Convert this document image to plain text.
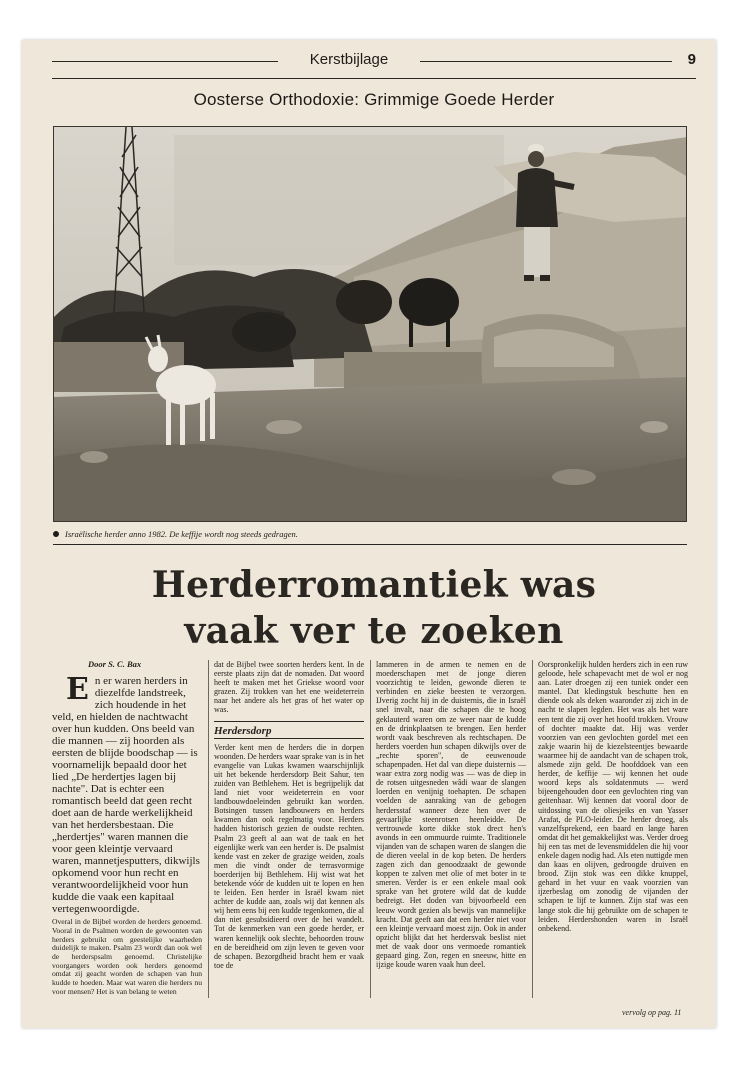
Kerstbijlage	9
Oosterse Orthodoxie: Grimmige Goede Herder
Israëlische herder anno 1982. De keffije wordt nog steeds gedragen.
Herderromantiek was
vaak ver te zoeken
Door S. C. Bax

En er waren herders in diezelfde landstreek, zich houdende in het veld, en hielden de nachtwacht over hun kudden. Ons beeld van die mannen — zij hoorden als eersten de blijde boodschap — is voornamelijk bepaald door het lied „De herdertjes lagen bij nachte". Dat is echter een romantisch beeld dat geen recht doet aan de harde werkelijkheid van het herdersbestaan. Die „herdertjes" waren mannen die voor geen kleintje vervaard waren, mannetjesputters, dikwijls opkomend voor hun recht en verantwoordelijkheid voor hun kudde die vaak een kapitaal vertegenwoordigde.

Overal in de Bijbel worden de herders genoemd. Vooral in de Psalmen worden de gewoonten van herders gebruikt om geestelijke waarheden duidelijk te maken. Psalm 23 wordt dan ook wel de herderspsalm genoemd. Christelijke voorgangers worden ook herders genoemd omdat zij geacht worden de schapen van hun kudde te hoeden. Maar wat waren die herders nu voor mensen? Het is van belang te weten

dat de Bijbel twee soorten herders kent. In de eerste plaats zijn dat de nomaden. Dat woord heeft te maken met het Griekse woord voor grazen. Zij trokken van het ene weideterrein naar het andere als het gras of het water op was.

Herdersdorp

Verder kent men de herders die in dorpen woonden. De herders waar sprake van is in het evangelie van Lukas kwamen waarschijnlijk uit het bekende herdersdorp Beit Sahur, ten zuiden van Bethlehem. Het is begrijpelijk dat land niet voor weideterrein en voor landbouwdoeleinden gebruikt kan worden. Botsingen tussen landbouwers en herders kwamen dan ook regelmatig voor. Herders hadden historisch gezien de oudste rechten. Psalm 23 geeft al aan wat de taak en het eigenlijke werk van een herder is. De psalmist kende vast en zeker de grazige weiden, zoals men die vindt onder de terrasvormige boerderijen bij Bethlehem. Hij wist wat het betekende vóór de kudden uit te lopen en hen te leiden. Een herder in Israël kwam niet achter de kudde aan, zoals wij dat kennen als wij hem eens bij een kudde tegenkomen, die al dan niet gesubsidieerd over de hei wandelt. Tot de kenmerken van een goede herder, er waren kennelijk ook slechte, behoorden trouw en de bereidheid om zijn leven te geven voor de schapen. Bezorgdheid bracht hem er vaak toe de

lammeren in de armen te nemen en de moederschapen met de jonge dieren voorzichtig te leiden, gewonde dieren te verbinden en zieke beesten te verzorgen. IJverig zocht hij in de duisternis, die in Israël snel invalt, naar die schapen die te hoog geklauterd waren om ze weer naar de kudde en de drinkplaatsen te brengen. Een herder wordt vaak beschreven als rechtschapen. De herders voerden hun schapen dikwijls over de „rechte sporen", de eeuwenoude schapenpaden. Het dal van diepe duisternis — waar extra zorg nodig was — was de diep in de rotsen uitgesneden wâdi waar de slangen loerden en venijnig toehapten. De schapen voelden de aanraking van de gebogen herdersstaf wanneer deze hen over de gevaarlijke steenrotsen heenleidde. De vertrouwde korte dikke stok drect hen's avonds in een ommuurde ruimte. Traditionele vijanden van de schapen waren de slangen die de dieren veelal in de kop beten. De herders zagen zich dan genoodzaakt de gewonde koppen te zalven met olie of met boter in te smeren. Verder is er een enkele maal ook sprake van het grotere wild dat de kudde bedreigt. Het doden van bijvoorbeeld een leeuw wordt gezien als bewijs van mannelijke kracht. Dat geeft aan dat een herder niet voor een kleintje vervaard moest zijn. Ook in ander opzicht blijkt dat het herdersvak beslist niet met de vaak door ons vermoede romantiek gepaard ging. Zon, regen en sneeuw, hitte en ijzige koude waren vaak hun deel.

Oorspronkelijk hulden herders zich in een ruw geloode, hele schapevacht met de wol er nog aan. Later droegen zij een tuniek onder een mantel. Dat kledingstuk beschutte hen en diende ook als deken waaronder zij zich in de nacht te slapen legden. Het was als het ware een tent die zij over het hoofd trokken. Vrouw of dochter maakte dat. Hij was verder voorzien van een gevlochten gordel met een zakje waarin hij de kiezelsteentjes bewaarde waarmee hij de aandacht van de schapen trok, alsmede zijn geld. De hoofddoek van een herder, de keffije — wij kennen het oude woord keps als soldatenmuts — werd bijeengehouden door een gevlochten ring van geitenhaar. Wij kennen dat vooral door de uitdossing van de oliesjeiks en van Yasser Arafat, de PLO-leider. De herder droeg, als vanzelfsprekend, een baard en lange haren omdat dit het gemakkelijkst was. Verder droeg hij een tas met de levensmiddelen die hij voor enkele dagen nodig had. Als eten nuttigde men dan kaas en olijven, gedroogde druiven en brood. Zijn stok was een dikke knuppel, gehard in het vuur en vaak voorzien van ijzerbeslag om zonodig de vijanden der schapen te lijf te kunnen. Zijn staf was een lange stok die hij gebruikte om de schapen te leiden. Herdershonden waren in Israël onbekend.

vervolg op pag. 11
